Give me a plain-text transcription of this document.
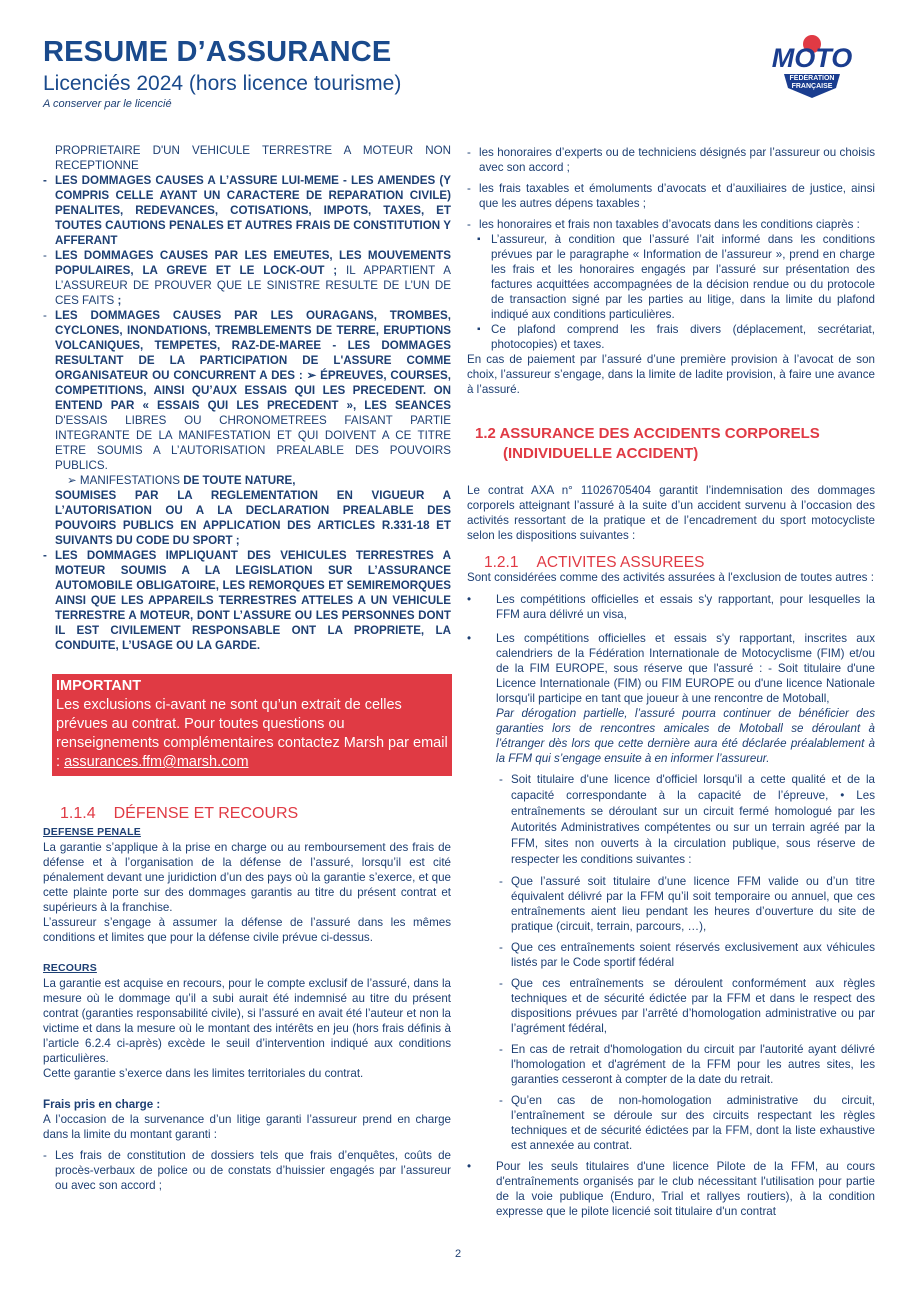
RESUME D’ASSURANCE
Licenciés 2024 (hors licence tourisme)
A conserver par le licencié
MOTO
FÉDÉRATION
FRANÇAISE

PROPRIETAIRE D'UN VEHICULE TERRESTRE A MOTEUR NON RECEPTIONNE

- LES DOMMAGES CAUSES A L’ASSURE LUI-MEME - LES AMENDES (Y COMPRIS CELLE AYANT UN CARACTERE DE REPARATION CIVILE) PENALITES, REDEVANCES, COTISATIONS, IMPOTS, TAXES, ET TOUTES CAUTIONS PENALES ET AUTRES FRAIS DE CONSTITUTION Y AFFERANT
- LES DOMMAGES CAUSES PAR LES EMEUTES, LES MOUVEMENTS POPULAIRES, LA GREVE ET LE LOCK-OUT ; IL APPARTIENT A L’ASSUREUR DE PROUVER QUE LE SINISTRE RESULTE DE L’UN DE CES FAITS ;
- LES DOMMAGES CAUSES PAR LES OURAGANS, TROMBES, CYCLONES, INONDATIONS, TREMBLEMENTS DE TERRE, ERUPTIONS VOLCANIQUES, TEMPETES, RAZ-DE-MAREE - LES DOMMAGES RESULTANT DE LA PARTICIPATION DE L'ASSURE COMME ORGANISATEUR OU CONCURRENT A DES : ➢ ÉPREUVES, COURSES, COMPETITIONS, AINSI QU’AUX ESSAIS QUI LES PRECEDENT. ON ENTEND PAR « ESSAIS QUI LES PRECEDENT », LES SEANCES D'ESSAIS LIBRES OU CHRONOMETREES FAISANT PARTIE INTEGRANTE DE LA MANIFESTATION ET QUI DOIVENT A CE TITRE ETRE SOUMIS A L’AUTORISATION PREALABLE DES POUVOIRS PUBLICS.
➢ MANIFESTATIONS DE TOUTE NATURE,

SOUMISES PAR LA REGLEMENTATION EN VIGUEUR A L’AUTORISATION OU A LA DECLARATION PREALABLE DES POUVOIRS PUBLICS EN APPLICATION DES ARTICLES R.331-18 ET SUIVANTS DU CODE DU SPORT ;

- LES DOMMAGES IMPLIQUANT DES VEHICULES TERRESTRES A MOTEUR SOUMIS A LA LEGISLATION SUR L’ASSURANCE AUTOMOBILE OBLIGATOIRE, LES REMORQUES ET SEMIREMORQUES AINSI QUE LES APPAREILS TERRESTRES ATTELES A UN VEHICULE TERRESTRE A MOTEUR, DONT L’ASSURE OU LES PERSONNES DONT IL EST CIVILEMENT RESPONSABLE ONT LA PROPRIETE, LA CONDUITE, L’USAGE OU LA GARDE.
IMPORTANT
Les exclusions ci-avant ne sont qu’un extrait de celles prévues au contrat. Pour toutes questions ou renseignements complémentaires contactez Marsh par email : assurances.ffm@marsh.com
1.1.4 DÉFENSE ET RECOURS
DEFENSE PENALE

La garantie s’applique à la prise en charge ou au remboursement des frais de défense et à l’organisation de la défense de l’assuré, lorsqu’il est cité pénalement devant une juridiction d’un des pays où la garantie s’exerce, et que cette plainte porte sur des dommages garantis au titre du présent contrat et supérieurs à la franchise.

L’assureur s’engage à assumer la défense de l’assuré dans les mêmes conditions et limites que pour la défense civile prévue ci-dessus.

RECOURS

La garantie est acquise en recours, pour le compte exclusif de l’assuré, dans la mesure où le dommage qu’il a subi aurait été indemnisé au titre du présent contrat (garanties responsabilité civile), si l’assuré en avait été l’auteur et non la victime et dans la mesure où le montant des intérêts en jeu (hors frais définis à l’article 6.2.4 ci-après) excède le seuil d’intervention indiqué aux conditions particulières.

Cette garantie s’exerce dans les limites territoriales du contrat.

Frais pris en charge :

A l’occasion de la survenance d’un litige garanti l’assureur prend en charge dans la limite du montant garanti :

- Les frais de constitution de dossiers tels que frais d’enquêtes, coûts de procès-verbaux de police ou de constats d’huissier engagés par l’assureur ou avec son accord ;
- les honoraires d’experts ou de techniciens désignés par l’assureur ou choisis avec son accord ;
- les frais taxables et émoluments d’avocats et d’auxiliaires de justice, ainsi que les autres dépens taxables ;
- les honoraires et frais non taxables d’avocats dans les conditions ciaprès :
▪ L’assureur, à condition que l’assuré l’ait informé dans les conditions prévues par le paragraphe « Information de l’assureur », prend en charge les frais et les honoraires engagés par l’assuré sur présentation des factures acquittées accompagnées de la décision rendue ou du protocole de transaction signé par les parties au litige, dans la limite du plafond indiqué aux conditions particulières.
▪ Ce plafond comprend les frais divers (déplacement, secrétariat, photocopies) et taxes.

En cas de paiement par l’assuré d’une première provision à l’avocat de son choix, l’assureur s’engage, dans la limite de ladite provision, à faire une avance à l’assuré.

1.2 ASSURANCE DES ACCIDENTS CORPORELS
(INDIVIDUELLE ACCIDENT)

Le contrat AXA n° 11026705404 garantit l’indemnisation des dommages corporels atteignant l’assuré à la suite d’un accident survenu à l’occasion des activités ressortant de la pratique et de l’encadrement du sport motocycliste selon les dispositions suivantes :

1.2.1 ACTIVITES ASSUREES

Sont considérées comme des activités assurées à l'exclusion de toutes autres :

• Les compétitions officielles et essais s'y rapportant, pour lesquelles la FFM aura délivré un visa,
• Les compétitions officielles et essais s'y rapportant, inscrites aux calendriers de la Fédération Internationale de Motocyclisme (FIM) et/ou de la FIM EUROPE, sous réserve que l'assuré : - Soit titulaire d'une Licence Internationale (FIM) ou FIM EUROPE ou d'une licence Nationale lorsqu'il participe en tant que joueur à une rencontre de Motoball,
Par dérogation partielle, l’assuré pourra continuer de bénéficier des garanties lors de rencontres amicales de Motoball se déroulant à l’étranger dès lors que cette dernière aura été déclarée préalablement à la FFM qui s’engage ensuite à en informer l’assureur.
- Soit titulaire d'une licence d'officiel lorsqu'il a cette qualité et de la capacité correspondante à la capacité de l’épreuve, • Les entraînements se déroulant sur un circuit fermé homologué par les Autorités Administratives compétentes ou sur un terrain agréé par la FFM, sites non ouverts à la circulation publique, sous réserve de respecter les conditions suivantes :
- Que l’assuré soit titulaire d’une licence FFM valide ou d’un titre équivalent délivré par la FFM qu’il soit temporaire ou annuel, que ces entraînements aient lieu pendant les heures d’ouverture du site de pratique (circuit, terrain, parcours, …),
- Que ces entraînements soient réservés exclusivement aux véhicules listés par le Code sportif fédéral
- Que ces entraînements se déroulent conformément aux règles techniques et de sécurité édictée par la FFM et dans le respect des dispositions prévues par l’arrêté d’homologation administrative ou par l’agrément fédéral,
- En cas de retrait d'homologation du circuit par l'autorité ayant délivré l'homologation et d'agrément de la FFM pour les autres sites, les garanties cesseront à compter de la date du retrait.
- Qu’en cas de non-homologation administrative du circuit, l’entraînement se déroule sur des circuits respectant les règles techniques et de sécurité édictées par la FFM, dont la liste exhaustive est annexée au contrat.
• Pour les seuls titulaires d'une licence Pilote de la FFM, au cours d'entraînements organisés par le club nécessitant l'utilisation pour partie de la voie publique (Enduro, Trial et rallyes routiers), à la condition expresse que le pilote licencié soit titulaire d'un contrat
2
